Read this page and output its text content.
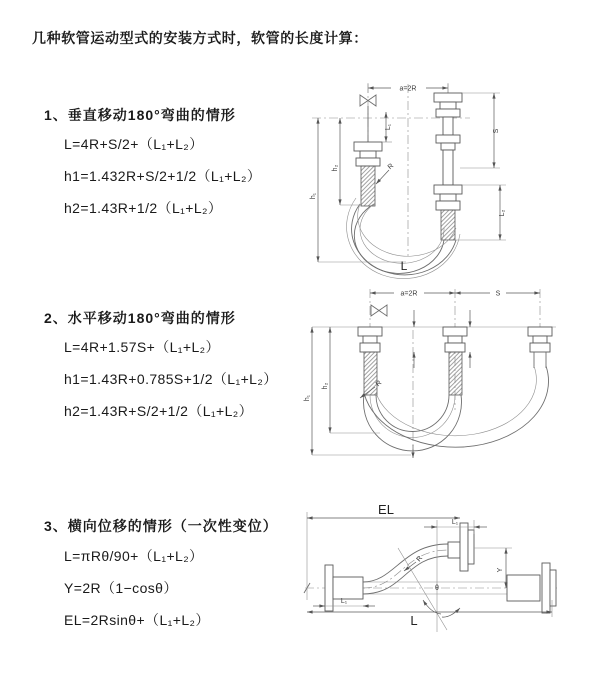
几种软管运动型式的安装方式时，软管的长度计算：
1、垂直移动180°弯曲的情形
L=4R+S/2+（L₁+L₂）
h1=1.432R+S/2+1/2（L₁+L₂）
h2=1.43R+1/2（L₁+L₂）
2、水平移动180°弯曲的情形
L=4R+1.57S+（L₁+L₂）
h1=1.43R+0.785S+1/2（L₁+L₂）
h2=1.43R+S/2+1/2（L₁+L₂）
3、横向位移的情形（一次性变位）
L=πRθ/90+（L₁+L₂）
Y=2R（1−cosθ）
EL=2Rsinθ+（L₁+L₂）
a=2R
h₁
h₂
L₁
S
L₂
R
L
a=2R	S
h₁
h₂	R
θ
R
EL
L₁
Y
L
L₁
